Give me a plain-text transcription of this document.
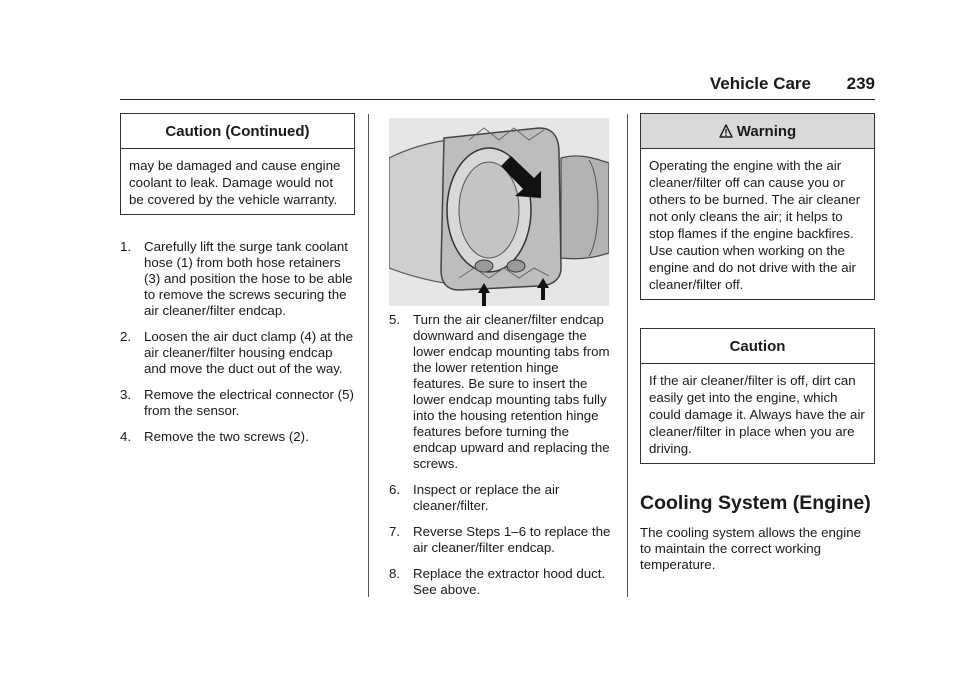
Vehicle Care 239
Caution (Continued)
may be damaged and cause engine coolant to leak. Damage would not be covered by the vehicle warranty.
1. Carefully lift the surge tank coolant hose (1) from both hose retainers (3) and position the hose to be able to remove the screws securing the air cleaner/filter endcap.
2. Loosen the air duct clamp (4) at the air cleaner/filter housing endcap and move the duct out of the way.
3. Remove the electrical connector (5) from the sensor.
4. Remove the two screws (2).
5. Turn the air cleaner/filter endcap downward and disengage the lower endcap mounting tabs from the lower retention hinge features. Be sure to insert the lower endcap mounting tabs fully into the housing retention hinge features before turning the endcap upward and replacing the screws.
6. Inspect or replace the air cleaner/filter.
7. Reverse Steps 1–6 to replace the air cleaner/filter endcap.
8. Replace the extractor hood duct. See above.
Warning
Operating the engine with the air cleaner/filter off can cause you or others to be burned. The air cleaner not only cleans the air; it helps to stop flames if the engine backfires. Use caution when working on the engine and do not drive with the air cleaner/filter off.
Caution
If the air cleaner/filter is off, dirt can easily get into the engine, which could damage it. Always have the air cleaner/filter in place when you are driving.
Cooling System (Engine)
The cooling system allows the engine to maintain the correct working temperature.
